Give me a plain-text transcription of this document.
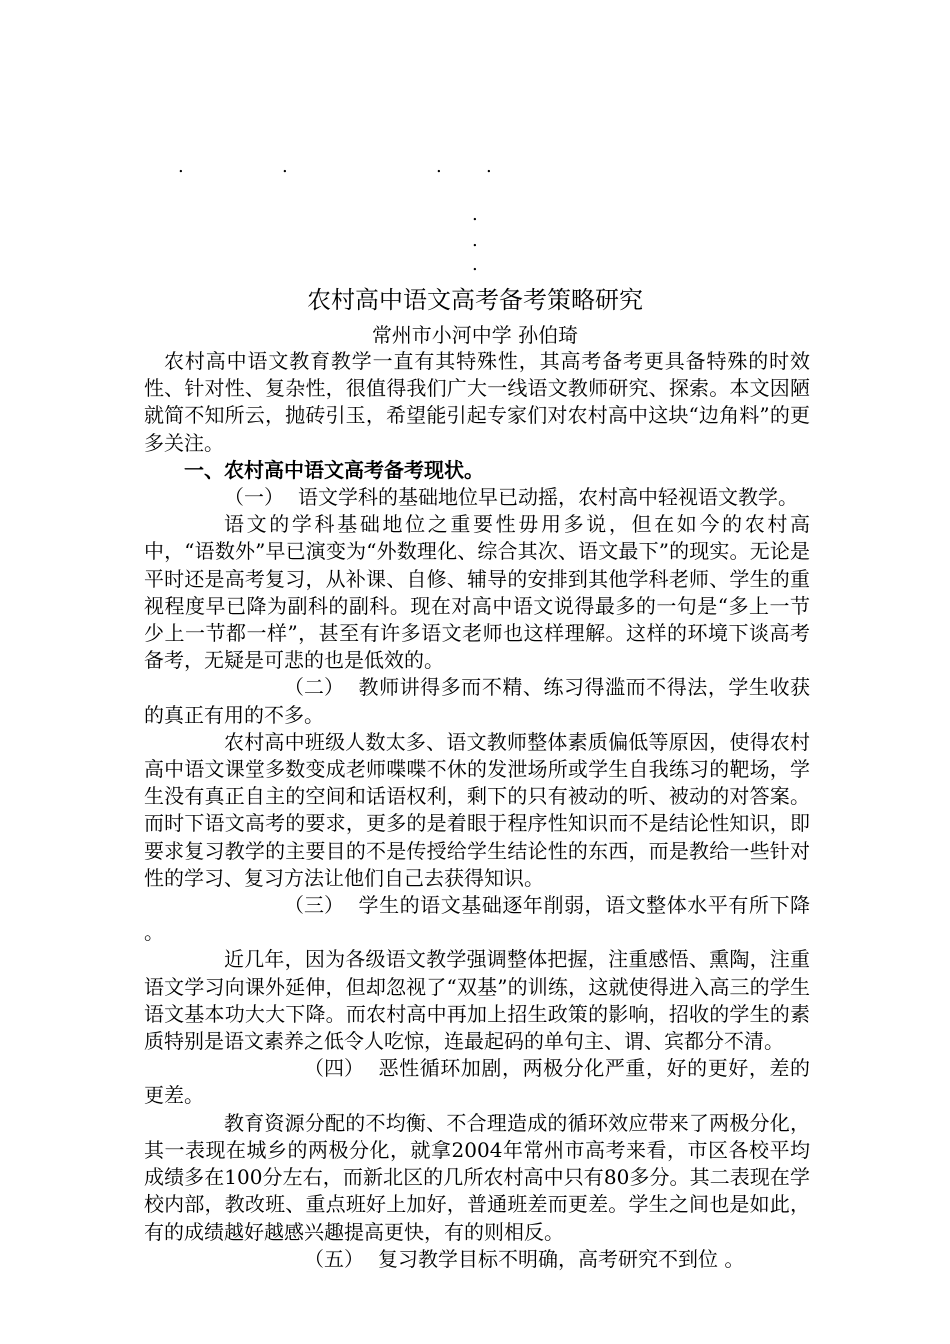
.	.	. .
.
.
.
农村高中语文高考备考策略研究
常州市小河中学 孙伯琦

农村高中语文教育教学一直有其特殊性，其高考备考更具备特殊的时效性、针对性、复杂性，很值得我们广大一线语文教师研究、探索。本文因陋就简不知所云，抛砖引玉，希望能引起专家们对农村高中这块“边角料”的更多关注。

一、农村高中语文高考备考现状。

（一） 语文学科的基础地位早已动摇，农村高中轻视语文教学。

语文的学科基础地位之重要性毋用多说，但在如今的农村高中，“语数外”早已演变为“外数理化、综合其次、语文最下”的现实。无论是平时还是高考复习，从补课、自修、辅导的安排到其他学科老师、学生的重视程度早已降为副科的副科。现在对高中语文说得最多的一句是“多上一节少上一节都一样”，甚至有许多语文老师也这样理解。这样的环境下谈高考备考，无疑是可悲的也是低效的。

（二） 教师讲得多而不精、练习得滥而不得法，学生收获的真正有用的不多。

农村高中班级人数太多、语文教师整体素质偏低等原因，使得农村高中语文课堂多数变成老师喋喋不休的发泄场所或学生自我练习的靶场，学生没有真正自主的空间和话语权利，剩下的只有被动的听、被动的对答案。而时下语文高考的要求，更多的是着眼于程序性知识而不是结论性知识，即要求复习教学的主要目的不是传授给学生结论性的东西，而是教给一些针对性的学习、复习方法让他们自己去获得知识。

（三） 学生的语文基础逐年削弱，语文整体水平有所下降 。

近几年，因为各级语文教学强调整体把握，注重感悟、熏陶，注重语文学习向课外延伸，但却忽视了“双基”的训练，这就使得进入高三的学生语文基本功大大下降。而农村高中再加上招生政策的影响，招收的学生的素质特别是语文素养之低令人吃惊，连最起码的单句主、谓、宾都分不清。

（四） 恶性循环加剧，两极分化严重，好的更好，差的更差。

教育资源分配的不均衡、不合理造成的循环效应带来了两极分化，其一表现在城乡的两极分化，就拿2004年常州市高考来看，市区各校平均成绩多在100分左右，而新北区的几所农村高中只有80多分。其二表现在学校内部，教改班、重点班好上加好，普通班差而更差。学生之间也是如此，有的成绩越好越感兴趣提高更快，有的则相反。

（五） 复习教学目标不明确，高考研究不到位 。
